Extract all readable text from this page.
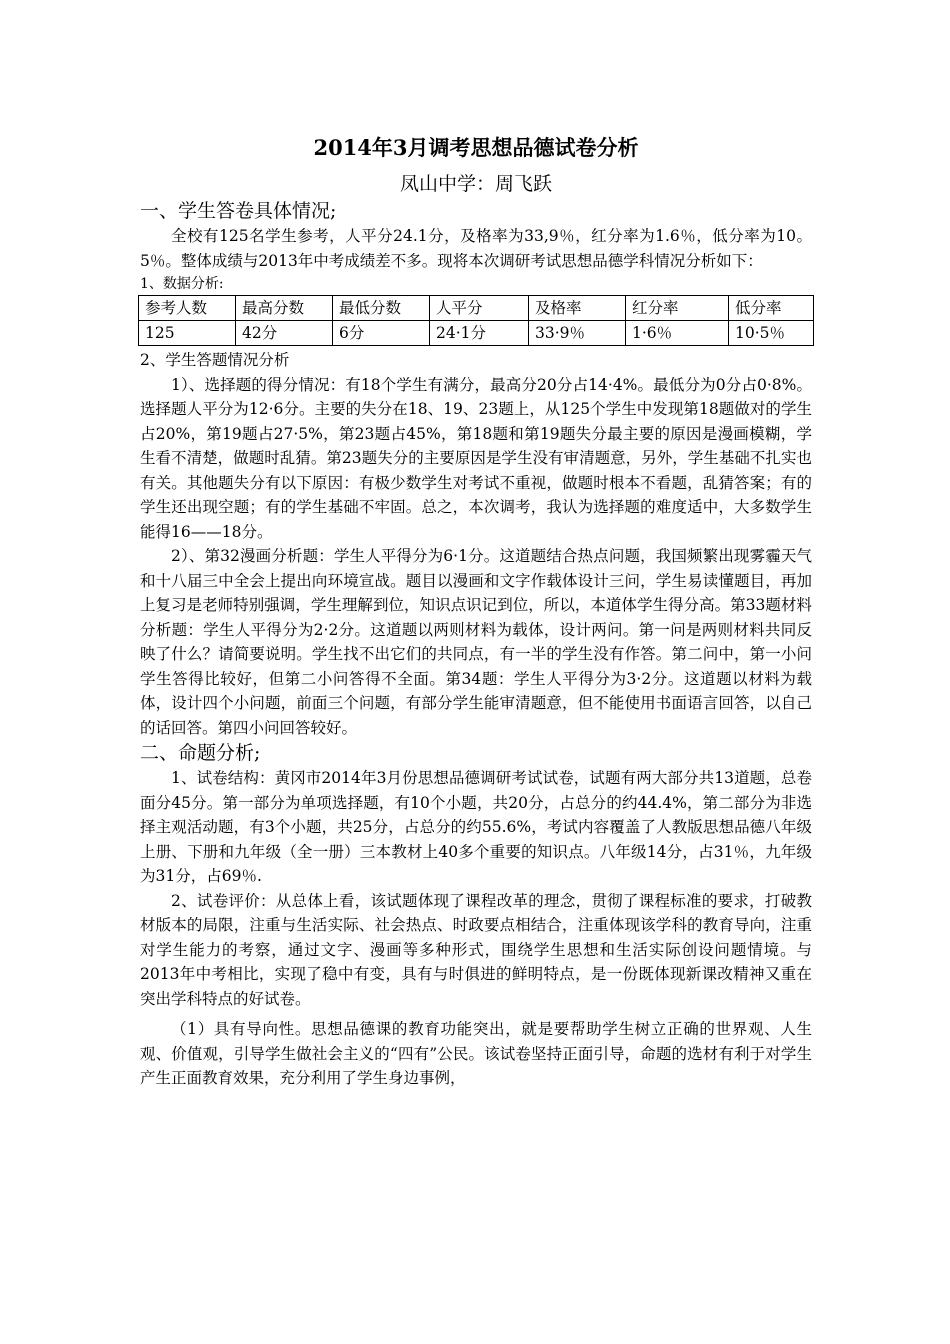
2014年3月调考思想品德试卷分析
凤山中学：周飞跃
一、学生答卷具体情况;

全校有125名学生参考，人平分24.1分，及格率为33,9％，红分率为1.6％，低分率为10。5％。整体成绩与2013年中考成绩差不多。现将本次调研考试思想品德学科情况分析如下：

1、数据分析:
参考人数	最高分数	最低分数	人平分	及格率	红分率	低分率
125	42分	6分	24·1分	33·9％	1·6％	10·5％
2、学生答题情况分析

1）、选择题的得分情况：有18个学生有满分，最高分20分占14·4%。最低分为0分占0·8%。选择题人平分为12·6分。主要的失分在18、19、23题上，从125个学生中发现第18题做对的学生占20%，第19题占27·5%，第23题占45%，第18题和第19题失分最主要的原因是漫画模糊，学生看不清楚，做题时乱猜。第23题失分的主要原因是学生没有审清题意，另外，学生基础不扎实也有关。其他题失分有以下原因：有极少数学生对考试不重视，做题时根本不看题，乱猜答案；有的学生还出现空题；有的学生基础不牢固。总之，本次调考，我认为选择题的难度适中，大多数学生能得16——18分。

2）、第32漫画分析题：学生人平得分为6·1分。这道题结合热点问题，我国频繁出现雾霾天气和十八届三中全会上提出向环境宣战。题目以漫画和文字作载体设计三问，学生易读懂题目，再加上复习是老师特别强调，学生理解到位，知识点识记到位，所以，本道体学生得分高。第33题材料分析题：学生人平得分为2·2分。这道题以两则材料为载体，设计两问。第一问是两则材料共同反映了什么？请简要说明。学生找不出它们的共同点，有一半的学生没有作答。第二问中，第一小问学生答得比较好，但第二小问答得不全面。第34题：学生人平得分为3·2分。这道题以材料为载体，设计四个小问题，前面三个问题，有部分学生能审清题意，但不能使用书面语言回答，以自己的话回答。第四小问回答较好。

二、命题分析;

1、试卷结构：黄冈市2014年3月份思想品德调研考试试卷，试题有两大部分共13道题，总卷面分45分。第一部分为单项选择题，有10个小题，共20分，占总分的约44.4%，第二部分为非选择主观活动题，有3个小题，共25分，占总分的约55.6%，考试内容覆盖了人教版思想品德八年级上册、下册和九年级（全一册）三本教材上40多个重要的知识点。八年级14分，占31％，九年级为31分，占69％.

2、试卷评价：从总体上看，该试题体现了课程改革的理念，贯彻了课程标准的要求，打破教材版本的局限，注重与生活实际、社会热点、时政要点相结合，注重体现该学科的教育导向，注重对学生能力的考察，通过文字、漫画等多种形式，围绕学生思想和生活实际创设问题情境。与2013年中考相比，实现了稳中有变，具有与时俱进的鲜明特点，是一份既体现新课改精神又重在突出学科特点的好试卷。

（1）具有导向性。思想品德课的教育功能突出，就是要帮助学生树立正确的世界观、人生观、价值观，引导学生做社会主义的“四有”公民。该试卷坚持正面引导，命题的选材有利于对学生产生正面教育效果，充分利用了学生身边事例，
